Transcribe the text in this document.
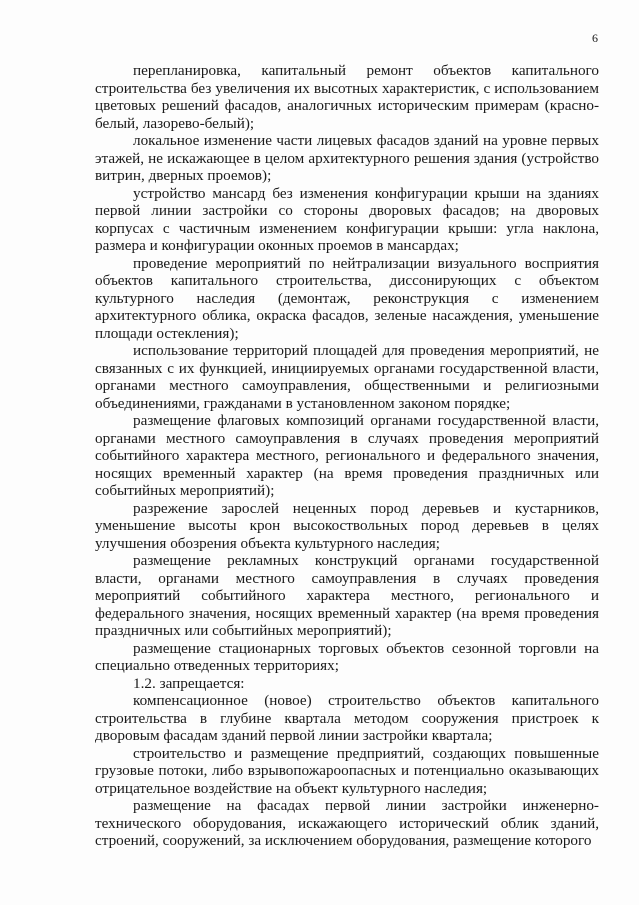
6

перепланировка, капитальный ремонт объектов капитального строительства без увеличения их высотных характеристик, с использованием цветовых решений фасадов, аналогичных историческим примерам (красно-белый, лазорево-белый);

локальное изменение части лицевых фасадов зданий на уровне первых этажей, не искажающее в целом архитектурного решения здания (устройство витрин, дверных проемов);

устройство мансард без изменения конфигурации крыши на зданиях первой линии застройки со стороны дворовых фасадов; на дворовых корпусах с частичным изменением конфигурации крыши: угла наклона, размера и конфигурации оконных проемов в мансардах;

проведение мероприятий по нейтрализации визуального восприятия объектов капитального строительства, диссонирующих с объектом культурного наследия (демонтаж, реконструкция с изменением архитектурного облика, окраска фасадов, зеленые насаждения, уменьшение площади остекления);

использование территорий площадей для проведения мероприятий, не связанных с их функцией, инициируемых органами государственной власти, органами местного самоуправления, общественными и религиозными объединениями, гражданами в установленном законом порядке;

размещение флаговых композиций органами государственной власти, органами местного самоуправления в случаях проведения мероприятий событийного характера местного, регионального и федерального значения, носящих временный характер (на время проведения праздничных или событийных мероприятий);

разрежение зарослей неценных пород деревьев и кустарников, уменьшение высоты крон высокоствольных пород деревьев в целях улучшения обозрения объекта культурного наследия;

размещение рекламных конструкций органами государственной власти, органами местного самоуправления в случаях проведения мероприятий событийного характера местного, регионального и федерального значения, носящих временный характер (на время проведения праздничных или событийных мероприятий);

размещение стационарных торговых объектов сезонной торговли на специально отведенных территориях;

1.2. запрещается:

компенсационное (новое) строительство объектов капитального строительства в глубине квартала методом сооружения пристроек к дворовым фасадам зданий первой линии застройки квартала;

строительство и размещение предприятий, создающих повышенные грузовые потоки, либо взрывопожароопасных и потенциально оказывающих отрицательное воздействие на объект культурного наследия;

размещение на фасадах первой линии застройки инженерно-технического оборудования, искажающего исторический облик зданий, строений, сооружений, за исключением оборудования, размещение которого
